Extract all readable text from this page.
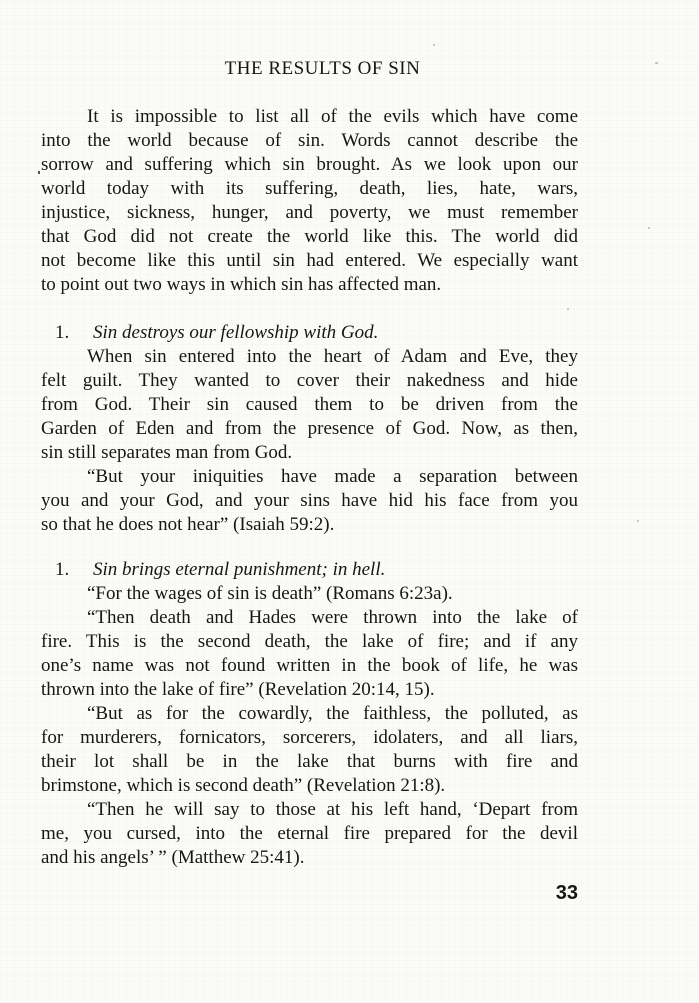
THE RESULTS OF SIN
It is impossible to list all of the evils which have come
into the world because of sin. Words cannot describe the
sorrow and suffering which sin brought. As we look upon our
world today with its suffering, death, lies, hate, wars,
injustice, sickness, hunger, and poverty, we must remember
that God did not create the world like this. The world did
not become like this until sin had entered. We especially want
to point out two ways in which sin has affected man.
1. Sin destroys our fellowship with God.
When sin entered into the heart of Adam and Eve, they
felt guilt. They wanted to cover their nakedness and hide
from God. Their sin caused them to be driven from the
Garden of Eden and from the presence of God. Now, as then,
sin still separates man from God.
“But your iniquities have made a separation between
you and your God, and your sins have hid his face from you
so that he does not hear” (Isaiah 59:2).
1. Sin brings eternal punishment; in hell.
“For the wages of sin is death” (Romans 6:23a).
“Then death and Hades were thrown into the lake of
fire. This is the second death, the lake of fire; and if any
one’s name was not found written in the book of life, he was
thrown into the lake of fire” (Revelation 20:14, 15).
“But as for the cowardly, the faithless, the polluted, as
for murderers, fornicators, sorcerers, idolaters, and all liars,
their lot shall be in the lake that burns with fire and
brimstone, which is second death” (Revelation 21:8).
“Then he will say to those at his left hand, ‘Depart from
me, you cursed, into the eternal fire prepared for the devil
and his angels’ ” (Matthew 25:41).
33
